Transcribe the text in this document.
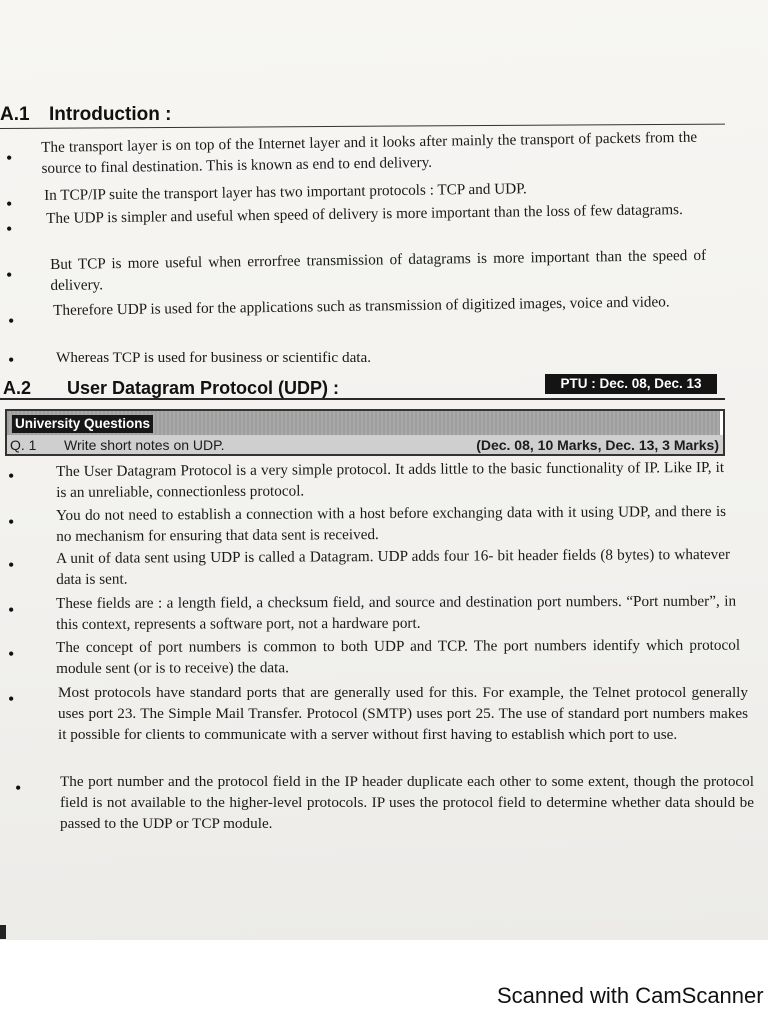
A.1 Introduction :
•
The transport layer is on top of the Internet layer and it looks after mainly the transport of packets from the source to final destination. This is known as end to end delivery.
•
In TCP/IP suite the transport layer has two important protocols : TCP and UDP.
•
The UDP is simpler and useful when speed of delivery is more important than the loss of few datagrams.
•
But TCP is more useful when errorfree transmission of datagrams is more important than the speed of delivery.
•
Therefore UDP is used for the applications such as transmission of digitized images, voice and video.
•	Whereas TCP is used for business or scientific data.
A.2 User Datagram Protocol (UDP) :	PTU : Dec. 08, Dec. 13
University Questions
Q. 1 Write short notes on UDP.	(Dec. 08, 10 Marks, Dec. 13, 3 Marks)
•	The User Datagram Protocol is a very simple protocol. It adds little to the basic functionality of IP. Like IP, it is an unreliable, connectionless protocol.
•	You do not need to establish a connection with a host before exchanging data with it using UDP, and there is no mechanism for ensuring that data sent is received.
•	A unit of data sent using UDP is called a Datagram. UDP adds four 16- bit header fields (8 bytes) to whatever data is sent.
•	These fields are : a length field, a checksum field, and source and destination port numbers. “Port number”, in this context, represents a software port, not a hardware port.
•	The concept of port numbers is common to both UDP and TCP. The port numbers identify which protocol module sent (or is to receive) the data.
•	Most protocols have standard ports that are generally used for this. For example, the Telnet protocol generally uses port 23. The Simple Mail Transfer. Protocol (SMTP) uses port 25. The use of standard port numbers makes it possible for clients to communicate with a server without first having to establish which port to use.
•	The port number and the protocol field in the IP header duplicate each other to some extent, though the protocol field is not available to the higher-level protocols. IP uses the protocol field to determine whether data should be passed to the UDP or TCP module.
Scanned with CamScanner
